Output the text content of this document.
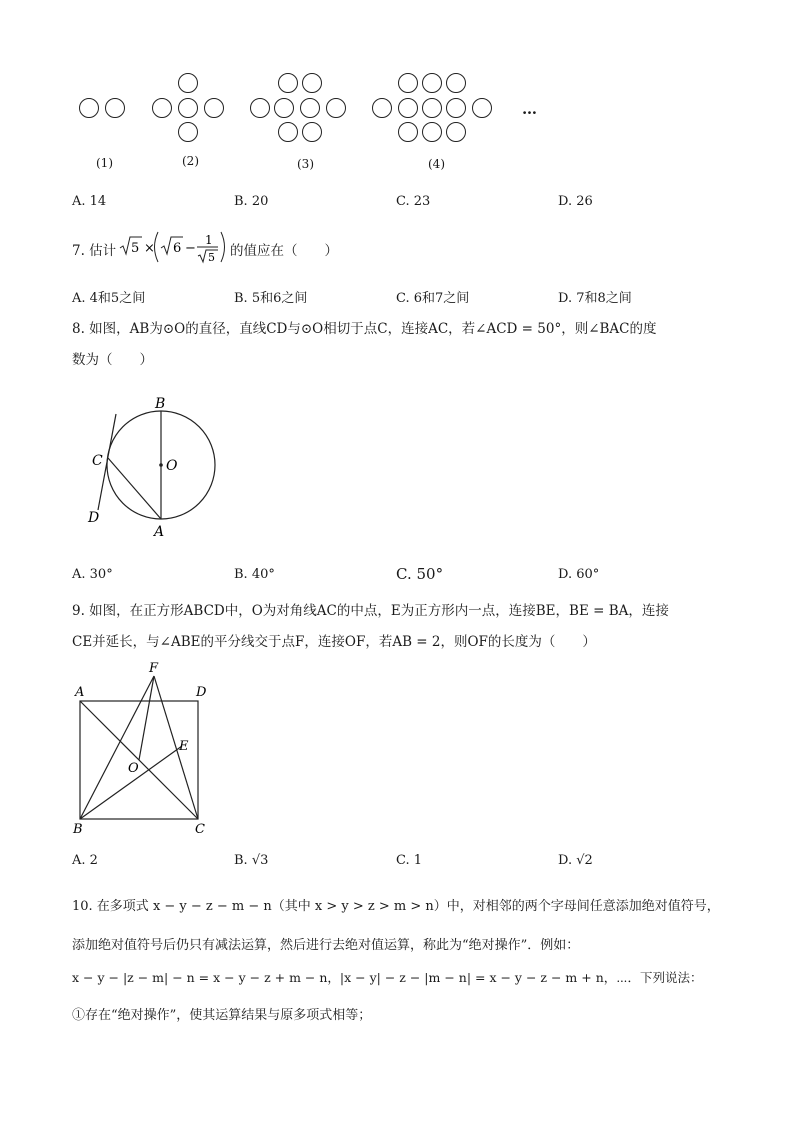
…
(1)	(2)	(3)	(4)
A. 14	B. 20	C. 23	D. 26
7. 估计 5 × 6 −
1
5 的值应在（　　）
A. 4和5之间	B. 5和6之间	C. 6和7之间	D. 7和8之间
8. 如图，AB为⊙O的直径，直线CD与⊙O相切于点C，连接AC，若∠ACD = 50°，则∠BAC的度
数为（　　）
B
C	O
D
A
A. 30°	B. 40°	C. 50°	D. 60°
9. 如图，在正方形ABCD中，O为对角线AC的中点，E为正方形内一点，连接BE，BE = BA，连接
CE并延长，与∠ABE的平分线交于点F，连接OF，若AB = 2，则OF的长度为（　　）
F
A	D
E
O
B	C
A. 2	B. √3	C. 1	D. √2
10. 在多项式 x − y − z − m − n（其中 x > y > z > m > n）中，对相邻的两个字母间任意添加绝对值符号，
添加绝对值符号后仍只有减法运算，然后进行去绝对值运算，称此为“绝对操作”．例如：
x − y − |z − m| − n = x − y − z + m − n，|x − y| − z − |m − n| = x − y − z − m + n，⋯．下列说法：
①存在“绝对操作”，使其运算结果与原多项式相等；
